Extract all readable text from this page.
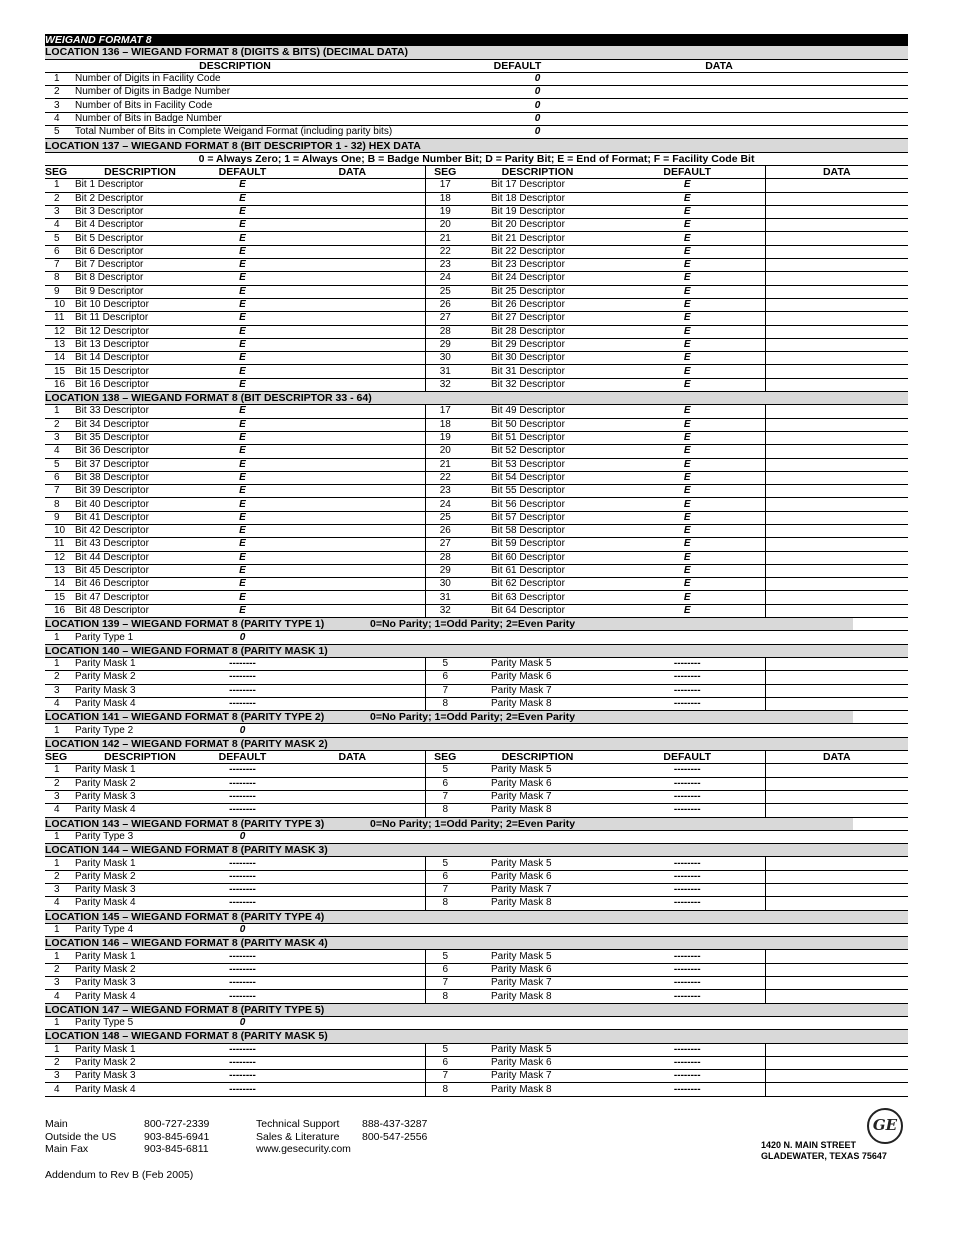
WEIGAND FORMAT 8
LOCATION 136 – WIEGAND FORMAT 8 (DIGITS & BITS) (DECIMAL DATA)
	DESCRIPTION	DEFAULT	DATA
1	Number of Digits in Facility Code	0	
2	Number of Digits in Badge Number	0	
3	Number of Bits in Facility Code	0	
4	Number of Bits in Badge Number	0	
5	Total Number of Bits in Complete Weigand Format (including parity bits)	0	
LOCATION 137 – WIEGAND FORMAT 8 (BIT DESCRIPTOR 1 - 32) HEX DATA
0 = Always Zero; 1 = Always One; B = Badge Number Bit; D = Parity Bit; E = End of Format; F = Facility Code Bit
SEG	DESCRIPTION	DEFAULT	DATA	SEG	DESCRIPTION	DEFAULT	DATA
1	Bit 1 Descriptor	E		17	Bit 17 Descriptor	E	
2	Bit 2 Descriptor	E		18	Bit 18 Descriptor	E	
3	Bit 3 Descriptor	E		19	Bit 19 Descriptor	E	
4	Bit 4 Descriptor	E		20	Bit 20 Descriptor	E	
5	Bit 5 Descriptor	E		21	Bit 21 Descriptor	E	
6	Bit 6 Descriptor	E		22	Bit 22 Descriptor	E	
7	Bit 7 Descriptor	E		23	Bit 23 Descriptor	E	
8	Bit 8 Descriptor	E		24	Bit 24 Descriptor	E	
9	Bit 9 Descriptor	E		25	Bit 25 Descriptor	E	
10	Bit 10 Descriptor	E		26	Bit 26 Descriptor	E	
11	Bit 11 Descriptor	E		27	Bit 27 Descriptor	E	
12	Bit 12 Descriptor	E		28	Bit 28 Descriptor	E	
13	Bit 13 Descriptor	E		29	Bit 29 Descriptor	E	
14	Bit 14 Descriptor	E		30	Bit 30 Descriptor	E	
15	Bit 15 Descriptor	E		31	Bit 31 Descriptor	E	
16	Bit 16 Descriptor	E		32	Bit 32 Descriptor	E	
LOCATION 138 – WIEGAND FORMAT 8 (BIT DESCRIPTOR 33 - 64)
1	Bit 33 Descriptor	E		17	Bit 49 Descriptor	E	
2	Bit 34 Descriptor	E		18	Bit 50 Descriptor	E	
3	Bit 35 Descriptor	E		19	Bit 51 Descriptor	E	
4	Bit 36 Descriptor	E		20	Bit 52 Descriptor	E	
5	Bit 37 Descriptor	E		21	Bit 53 Descriptor	E	
6	Bit 38 Descriptor	E		22	Bit 54 Descriptor	E	
7	Bit 39 Descriptor	E		23	Bit 55 Descriptor	E	
8	Bit 40 Descriptor	E		24	Bit 56 Descriptor	E	
9	Bit 41 Descriptor	E		25	Bit 57 Descriptor	E	
10	Bit 42 Descriptor	E		26	Bit 58 Descriptor	E	
11	Bit 43 Descriptor	E		27	Bit 59 Descriptor	E	
12	Bit 44 Descriptor	E		28	Bit 60 Descriptor	E	
13	Bit 45 Descriptor	E		29	Bit 61 Descriptor	E	
14	Bit 46 Descriptor	E		30	Bit 62 Descriptor	E	
15	Bit 47 Descriptor	E		31	Bit 63 Descriptor	E	
16	Bit 48 Descriptor	E		32	Bit 64 Descriptor	E	
LOCATION 139 – WIEGAND FORMAT 8 (PARITY TYPE 1)	0=No Parity; 1=Odd Parity; 2=Even Parity
1	Parity Type 1	0	
LOCATION 140 – WIEGAND FORMAT 8 (PARITY MASK 1)
1	Parity Mask 1	--------		5	Parity Mask 5	--------	
2	Parity Mask 2	--------		6	Parity Mask 6	--------	
3	Parity Mask 3	--------		7	Parity Mask 7	--------	
4	Parity Mask 4	--------		8	Parity Mask 8	--------	
LOCATION 141 – WIEGAND FORMAT 8 (PARITY TYPE 2)	0=No Parity; 1=Odd Parity; 2=Even Parity
1	Parity Type 2	0	
LOCATION 142 – WIEGAND FORMAT 8 (PARITY MASK 2)
SEG	DESCRIPTION	DEFAULT	DATA	SEG	DESCRIPTION	DEFAULT	DATA
1	Parity Mask 1	--------		5	Parity Mask 5	--------	
2	Parity Mask 2	--------		6	Parity Mask 6	--------	
3	Parity Mask 3	--------		7	Parity Mask 7	--------	
4	Parity Mask 4	--------		8	Parity Mask 8	--------	
LOCATION 143 – WIEGAND FORMAT 8 (PARITY TYPE 3)	0=No Parity; 1=Odd Parity; 2=Even Parity
1	Parity Type 3	0	
LOCATION 144 – WIEGAND FORMAT 8 (PARITY MASK 3)
1	Parity Mask 1	--------		5	Parity Mask 5	--------	
2	Parity Mask 2	--------		6	Parity Mask 6	--------	
3	Parity Mask 3	--------		7	Parity Mask 7	--------	
4	Parity Mask 4	--------		8	Parity Mask 8	--------	
LOCATION 145 – WIEGAND FORMAT 8 (PARITY TYPE 4)	
1	Parity Type 4	0	
LOCATION 146 – WIEGAND FORMAT 8 (PARITY MASK 4)
1	Parity Mask 1	--------		5	Parity Mask 5	--------	
2	Parity Mask 2	--------		6	Parity Mask 6	--------	
3	Parity Mask 3	--------		7	Parity Mask 7	--------	
4	Parity Mask 4	--------		8	Parity Mask 8	--------	
LOCATION 147 – WIEGAND FORMAT 8 (PARITY TYPE 5)	
1	Parity Type 5	0	
LOCATION 148 – WIEGAND FORMAT 8 (PARITY MASK 5)
1	Parity Mask 1	--------		5	Parity Mask 5	--------	
2	Parity Mask 2	--------		6	Parity Mask 6	--------	
3	Parity Mask 3	--------		7	Parity Mask 7	--------	
4	Parity Mask 4	--------		8	Parity Mask 8	--------	
Main
Outside the US
Main Fax
800-727-2339
903-845-6941
903-845-6811
Technical Support
Sales & Literature
www.gesecurity.com
888-437-3287
800-547-2556
GE
1420 N. MAIN STREET
GLADEWATER, TEXAS 75647
Addendum to Rev B (Feb 2005)
